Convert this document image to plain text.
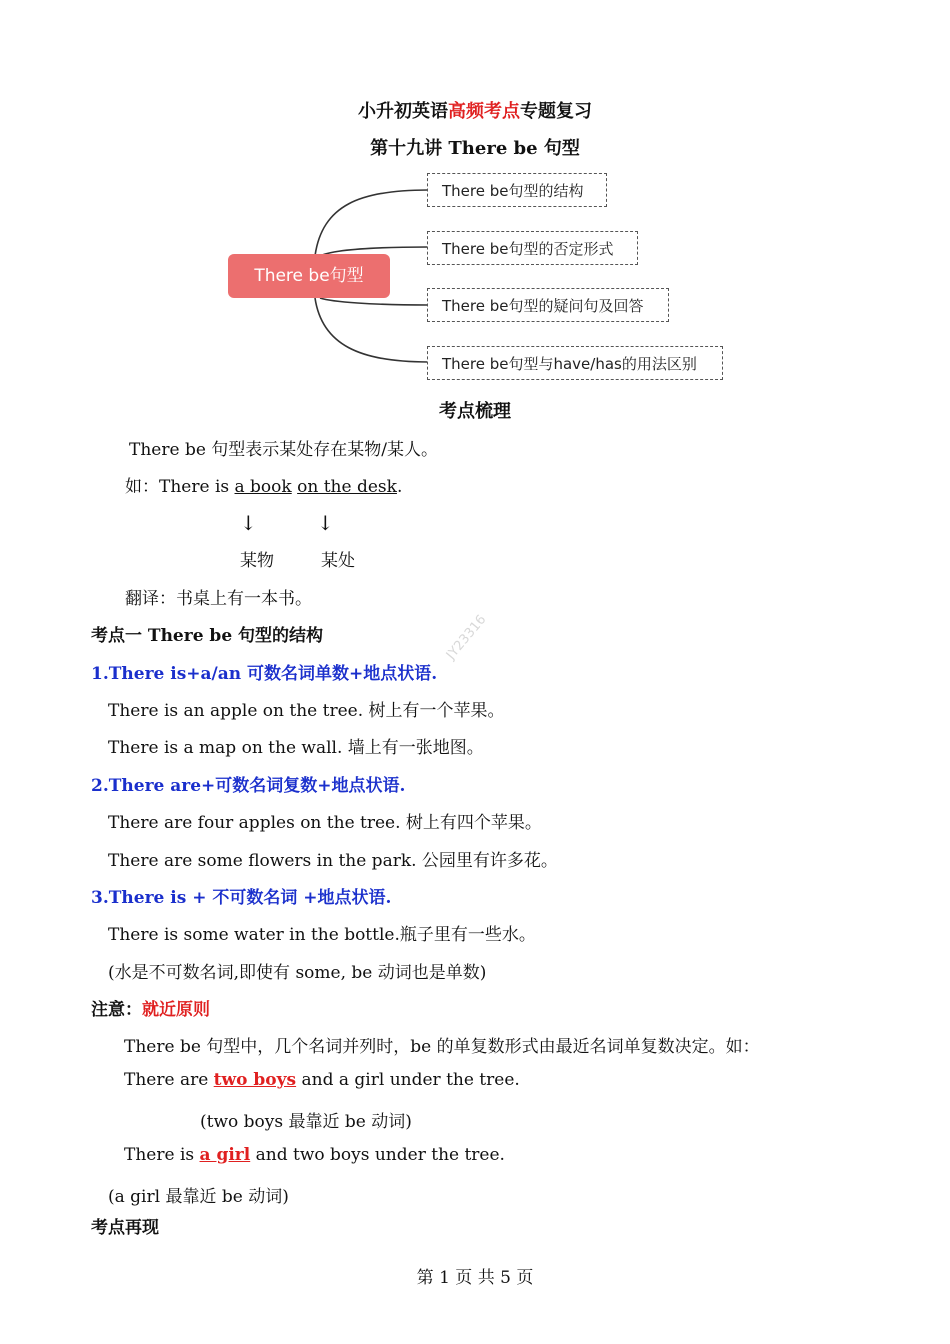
小升初英语高频考点专题复习
第十九讲 There be 句型
There be句型
There be句型的结构
There be句型的否定形式
There be句型的疑问句及回答
There be句型与have/has的用法区别
考点梳理
There be 句型表示某处存在某物/某人。
如：There is a book on the desk.
↓	↓
某物	某处
翻译：书桌上有一本书。
考点一 There be 句型的结构
1.There is+a/an 可数名词单数+地点状语.
There is an apple on the tree. 树上有一个苹果。
There is a map on the wall. 墙上有一张地图。
2.There are+可数名词复数+地点状语.
There are four apples on the tree. 树上有四个苹果。
There are some flowers in the park. 公园里有许多花。
3.There is + 不可数名词 +地点状语.
There is some water in the bottle.瓶子里有一些水。
(水是不可数名词,即使有 some, be 动词也是单数)
注意：就近原则
There be 句型中，几个名词并列时，be 的单复数形式由最近名词单复数决定。如：
There are two boys and a girl under the tree.
(two boys 最靠近 be 动词)
There is a girl and two boys under the tree.
(a girl 最靠近 be 动词)
考点再现
JY23316
第 1 页 共 5 页
